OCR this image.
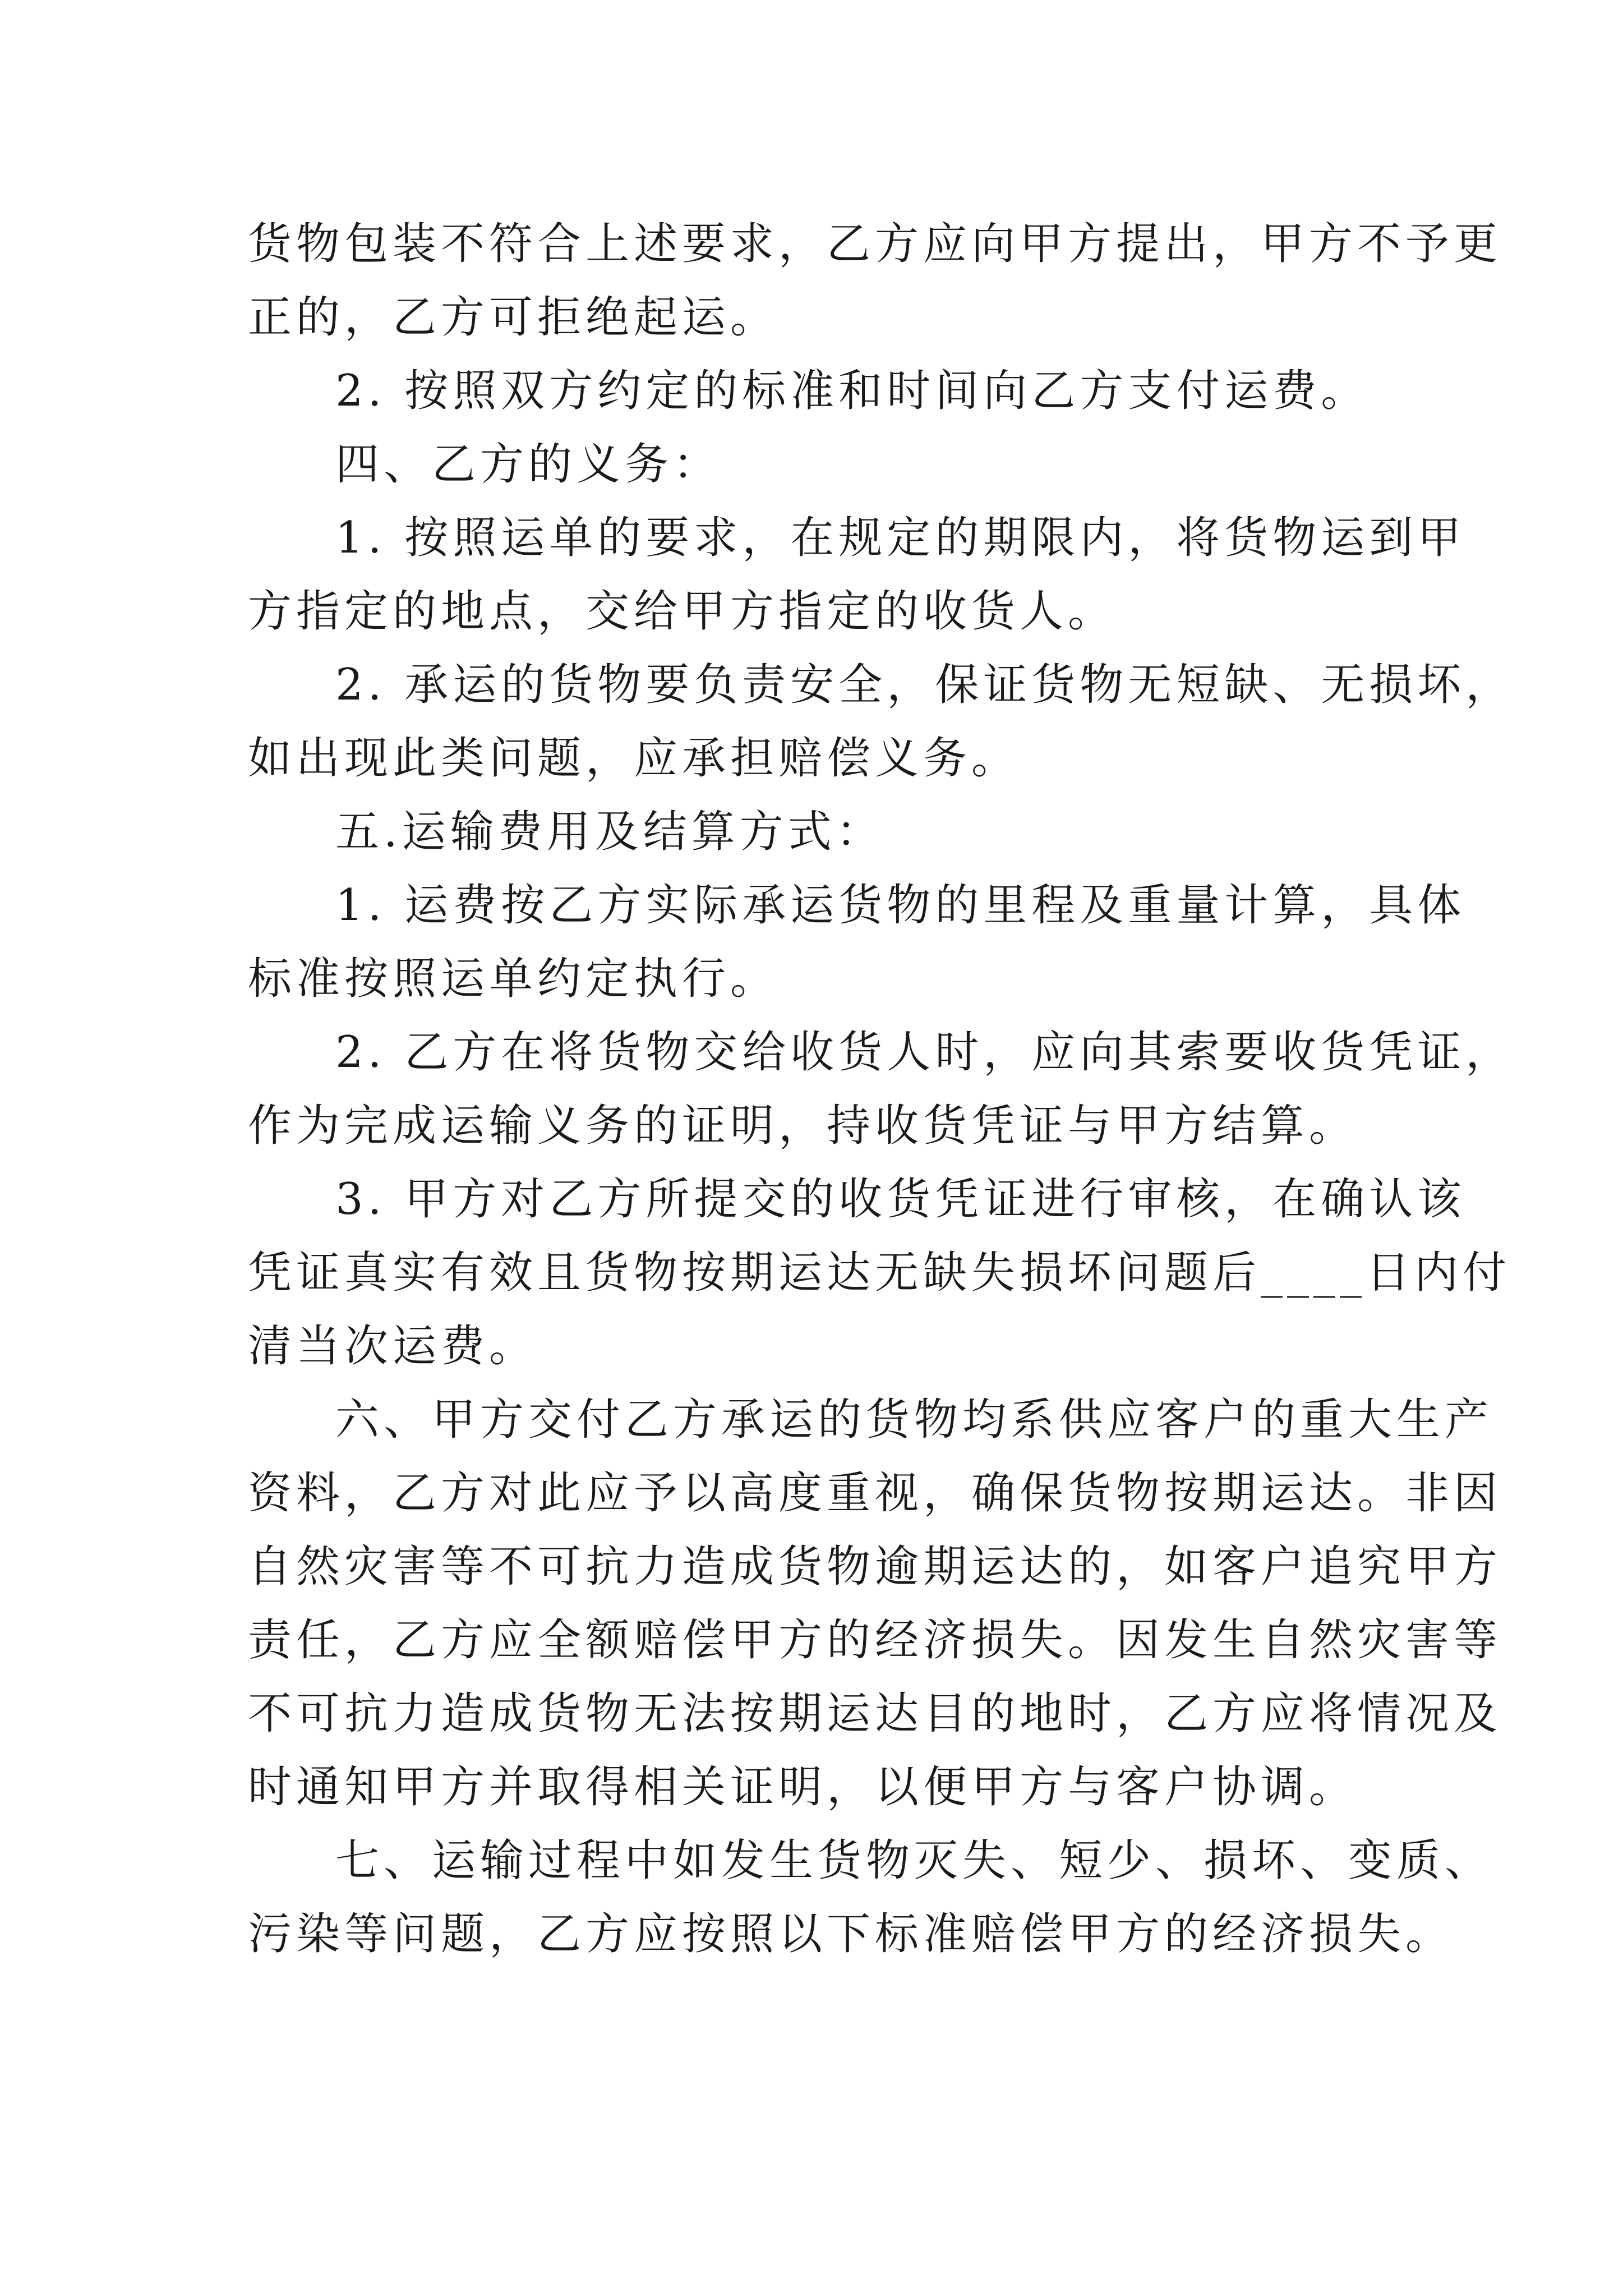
货物包装不符合上述要求，乙方应向甲方提出，甲方不予更
正的，乙方可拒绝起运。
2. 按照双方约定的标准和时间向乙方支付运费。
四、乙方的义务：
1. 按照运单的要求，在规定的期限内，将货物运到甲
方指定的地点，交给甲方指定的收货人。
2. 承运的货物要负责安全，保证货物无短缺、无损坏，
如出现此类问题，应承担赔偿义务。
五.运输费用及结算方式：
1. 运费按乙方实际承运货物的里程及重量计算，具体
标准按照运单约定执行。
2. 乙方在将货物交给收货人时，应向其索要收货凭证，
作为完成运输义务的证明，持收货凭证与甲方结算。
3. 甲方对乙方所提交的收货凭证进行审核，在确认该
凭证真实有效且货物按期运达无缺失损坏问题后____日内付
清当次运费。
六、甲方交付乙方承运的货物均系供应客户的重大生产
资料，乙方对此应予以高度重视，确保货物按期运达。非因
自然灾害等不可抗力造成货物逾期运达的，如客户追究甲方
责任，乙方应全额赔偿甲方的经济损失。因发生自然灾害等
不可抗力造成货物无法按期运达目的地时，乙方应将情况及
时通知甲方并取得相关证明，以便甲方与客户协调。
七、运输过程中如发生货物灭失、短少、损坏、变质、
污染等问题，乙方应按照以下标准赔偿甲方的经济损失。
